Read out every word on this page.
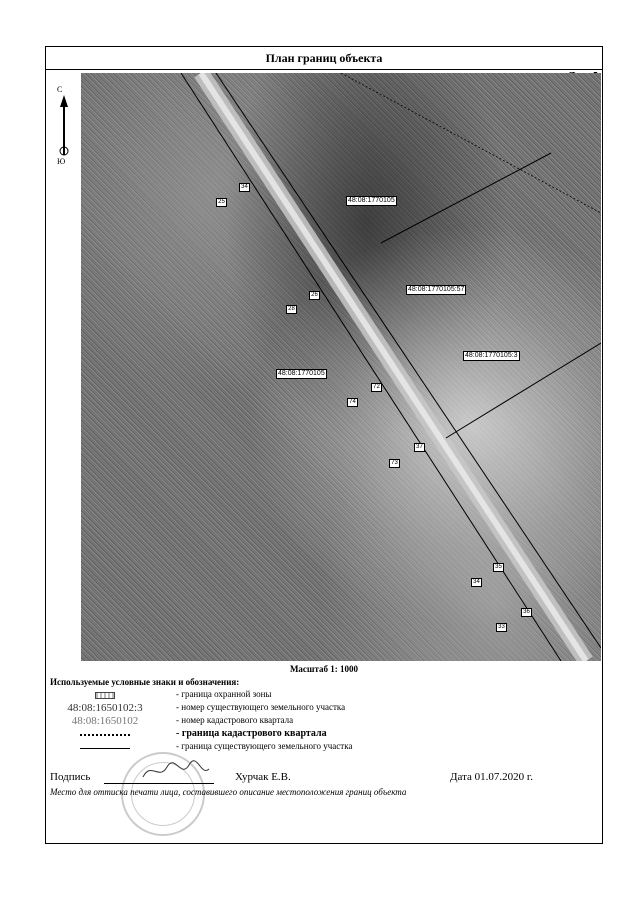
План границ объекта
48:08:1770105
48:08:1770105:57
48:08:1770105:3
48:08:1770105
34
25
26
28
72
74
37
73
35
34
36
33
С
Ю
Масштаб 1: 1000
Используемые условные знаки и обозначения:
- граница охранной зоны
48:08:1650102:3	- номер существующего земельного участка
48:08:1650102	- номер кадастрового квартала
- граница кадастрового квартала
- граница существующего земельного участка
Подпись	Хурчак Е.В.	Дата 01.07.2020 г.
Место для оттиска печати лица, составившего описание местоположения границ объекта
